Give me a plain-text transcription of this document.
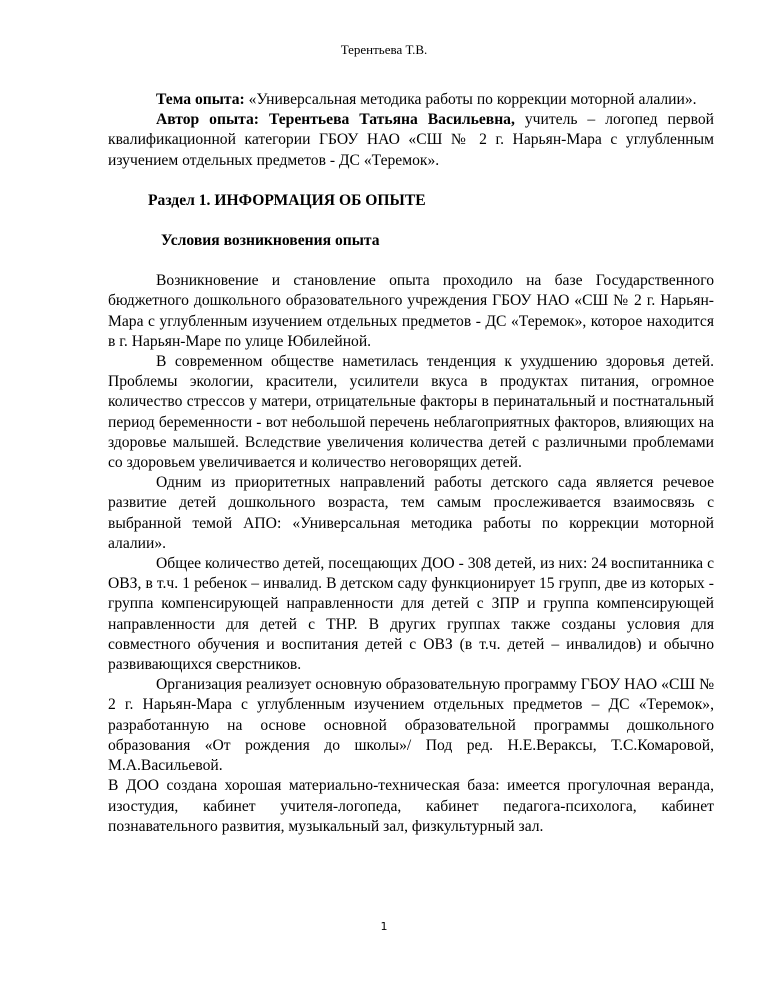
Терентьева Т.В.

Тема опыта: «Универсальная методика работы по коррекции моторной алалии».

Автор опыта: Терентьева Татьяна Васильевна, учитель – логопед первой квалификационной категории ГБОУ НАО «СШ № 2 г. Нарьян-Мара с углубленным изучением отдельных предметов - ДС «Теремок».

Раздел 1. ИНФОРМАЦИЯ ОБ ОПЫТЕ

Условия возникновения опыта

Возникновение и становление опыта проходило на базе Государственного бюджетного дошкольного образовательного учреждения ГБОУ НАО «СШ № 2 г. Нарьян-Мара с углубленным изучением отдельных предметов - ДС «Теремок», которое находится в г. Нарьян-Маре по улице Юбилейной.

В современном обществе наметилась тенденция к ухудшению здоровья детей. Проблемы экологии, красители, усилители вкуса в продуктах питания, огромное количество стрессов у матери, отрицательные факторы в перинатальный и постнатальный период беременности - вот небольшой перечень неблагоприятных факторов, влияющих на здоровье малышей. Вследствие увеличения количества детей с различными проблемами со здоровьем увеличивается и количество неговорящих детей.

Одним из приоритетных направлений работы детского сада является речевое развитие детей дошкольного возраста, тем самым прослеживается взаимосвязь с выбранной темой АПО: «Универсальная методика работы по коррекции моторной алалии».

Общее количество детей, посещающих ДОО - 308 детей, из них: 24 воспитанника с ОВЗ, в т.ч. 1 ребенок – инвалид. В детском саду функционирует 15 групп, две из которых - группа компенсирующей направленности для детей с ЗПР и группа компенсирующей направленности для детей с ТНР. В других группах также созданы условия для совместного обучения и воспитания детей с ОВЗ (в т.ч. детей – инвалидов) и обычно развивающихся сверстников.

Организация реализует основную образовательную программу ГБОУ НАО «СШ № 2 г. Нарьян-Мара с углубленным изучением отдельных предметов – ДС «Теремок», разработанную на основе основной образовательной программы дошкольного образования «От рождения до школы»/ Под ред. Н.Е.Вераксы, Т.С.Комаровой, М.А.Васильевой.

В ДОО создана хорошая материально-техническая база: имеется прогулочная веранда, изостудия, кабинет учителя-логопеда, кабинет педагога-психолога, кабинет познавательного развития, музыкальный зал, физкультурный зал.

1
